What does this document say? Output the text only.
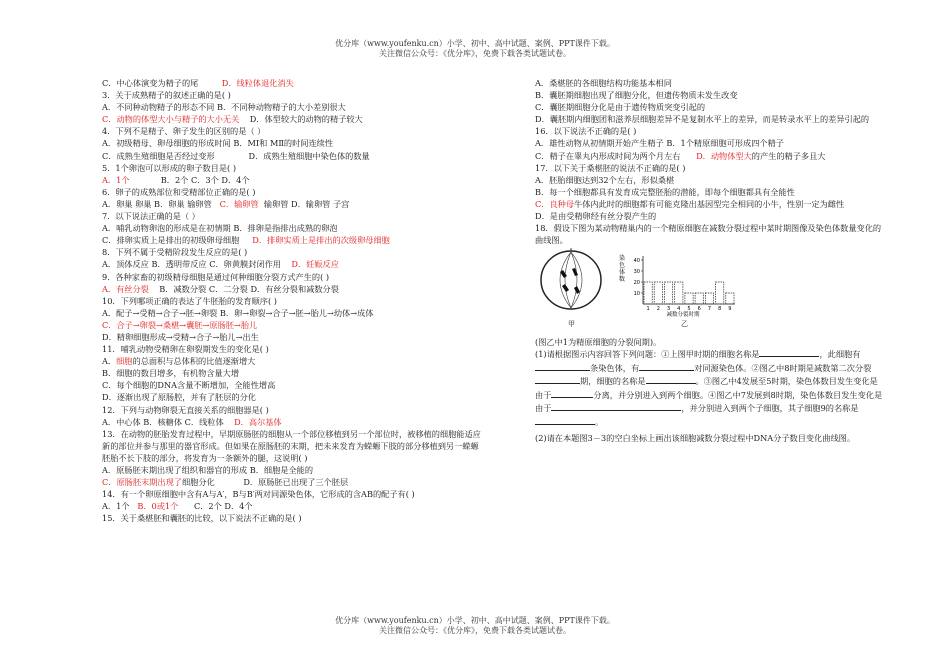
优分库（www.youfenku.cn）小学、初中、高中试题、案例、PPT课件下载。
关注微信公众号：《优分库》，免费下载各类试题试卷。
C．中心体演变为精子的尾	D．线粒体退化消失
3．关于成熟精子的叙述正确的是( )
A．不同种动物精子的形态不同 B．不同种动物精子的大小差别很大
C．动物的体型大小与精子的大小无关 D．体型较大的动物的精子较大
4．下列不是精子、卵子发生的区别的是（ ）
A．初级精母、卵母细胞的形成时间 B．MⅠ和 MⅡ的时间连续性
C．成熟生殖细胞是否经过变形	D．成熟生殖细胞中染色体的数量
5．1个卵泡可以形成的卵子数目是( )
A．1个	B．2个 C．3个 D．4个
6．卵子的成熟部位和受精部位正确的是( )
A．卵巢 卵巢 B．卵巢 输卵管 C．输卵管 输卵管 D．输卵管 子宫
7．以下说法正确的是（ ）
A．哺乳动物卵泡的形成是在初情期 B．排卵是指排出成熟的卵泡
C．排卵实质上是排出的初级卵母细胞 D．排卵实质上是排出的次级卵母细胞
8．下列不属于受精阶段发生反应的是( )
A．顶体反应 B．透明带反应 C．卵黄膜封闭作用 D．妊娠反应
9．各种家畜的初级精母细胞是通过何种细胞分裂方式产生的( )
A．有丝分裂 B．减数分裂 C．二分裂 D．有丝分裂和减数分裂
10．下列哪项正确的表达了牛胚胎的发育顺序( )
A．配子→受精→合子→胚→卵裂 B．卵→卵裂→合子→胚→胎儿→幼体→成体
C．合子→卵裂→桑椹→囊胚→原肠胚→胎儿
D．精卵细胞形成→受精→合子→胎儿→出生
11．哺乳动物受精卵在卵裂期发生的变化是( )
A．细胞的总面积与总体积的比值逐渐增大
B．细胞的数目增多，有机物含量大增
C．每个细胞的DNA含量不断增加，全能性增高
D．逐渐出现了原肠腔，并有了胚层的分化
12．下列与动物卵裂无直接关系的细胞器是( )
A．中心体 B．核糖体 C．线粒体 D．高尔基体
13．在动物的胚胎发育过程中，早期原肠胚的细胞从一个部位移植到另一个部位时，被移植的细胞能适应新的部位并参与那里的器官形成。但如果在原肠胚的末期，把未来发育为蝾螈下肢的部分移植到另一蝾螈胚胎不长下肢的部分，将发育为一条额外的腿，这说明( )
A．原肠胚末期出现了组织和器官的形成 B．细胞是全能的
C．原肠胚末期出现了细胞分化	D．原肠胚已出现了三个胚层
14．有一个卵原细胞中含有A与A′，B与B′两对同源染色体，它形成的含AB的配子有( )
A．1个 B．0或1个 C．2个 D．4个
15．关于桑椹胚和囊胚的比较，以下说法不正确的是( )
A．桑椹胚的各细胞结构功能基本相同
B．囊胚期细胞出现了细胞分化，但遗传物质未发生改变
C．囊胚期细胞分化是由于遗传物质突变引起的
D．囊胚期内细胞团和滋养层细胞差异不是复制水平上的差异，而是转录水平上的差异引起的
16．以下说法不正确的是( )
A．雄性动物从初情期开始产生精子 B．1个精原细胞可形成四个精子
C．精子在睾丸内形成时间为两个月左右 D．动物体型大的产生的精子多且大
17．以下关于桑椹胚的说法不正确的是( )
A．胚胎细胞达到32个左右，形似桑椹
B．每一个细胞都具有发育成完整胚胎的潜能，即每个细胞都具有全能性
C．良种母牛体内此时的细胞都有可能克隆出基因型完全相同的小牛，性别一定为雌性
D．是由受精卵经有丝分裂产生的
18．假设下图为某动物精巢内的一个精原细胞在减数分裂过程中某时期图像及染色体数量变化的曲线图。
*
甲
10
20
30
40
1 2 3 4 5 6 7 8 9
减数分裂时期
染
色
体
数
乙
(图乙中1为精原细胞的分裂间期)。
(1)请根据图示内容回答下列问题：①上图甲时期的细胞名称是	，此细胞有条染色体，有	对同源染色体。②图乙中8时期是减数第二次分裂期，细胞的名称是	。③图乙中4发展至5时期，染色体数目发生变化是由于	分离，并分别进入到两个细胞。④图乙中7发展到8时期，染色体数目发生变化是由于	，并分别进入到两个子细胞，其子细胞9的名称是。
(2)请在本题图3－3的空白坐标上画出该细胞减数分裂过程中DNA分子数目变化曲线图。
优分库（www.youfenku.cn）小学、初中、高中试题、案例、PPT课件下载。
关注微信公众号：《优分库》，免费下载各类试题试卷。
